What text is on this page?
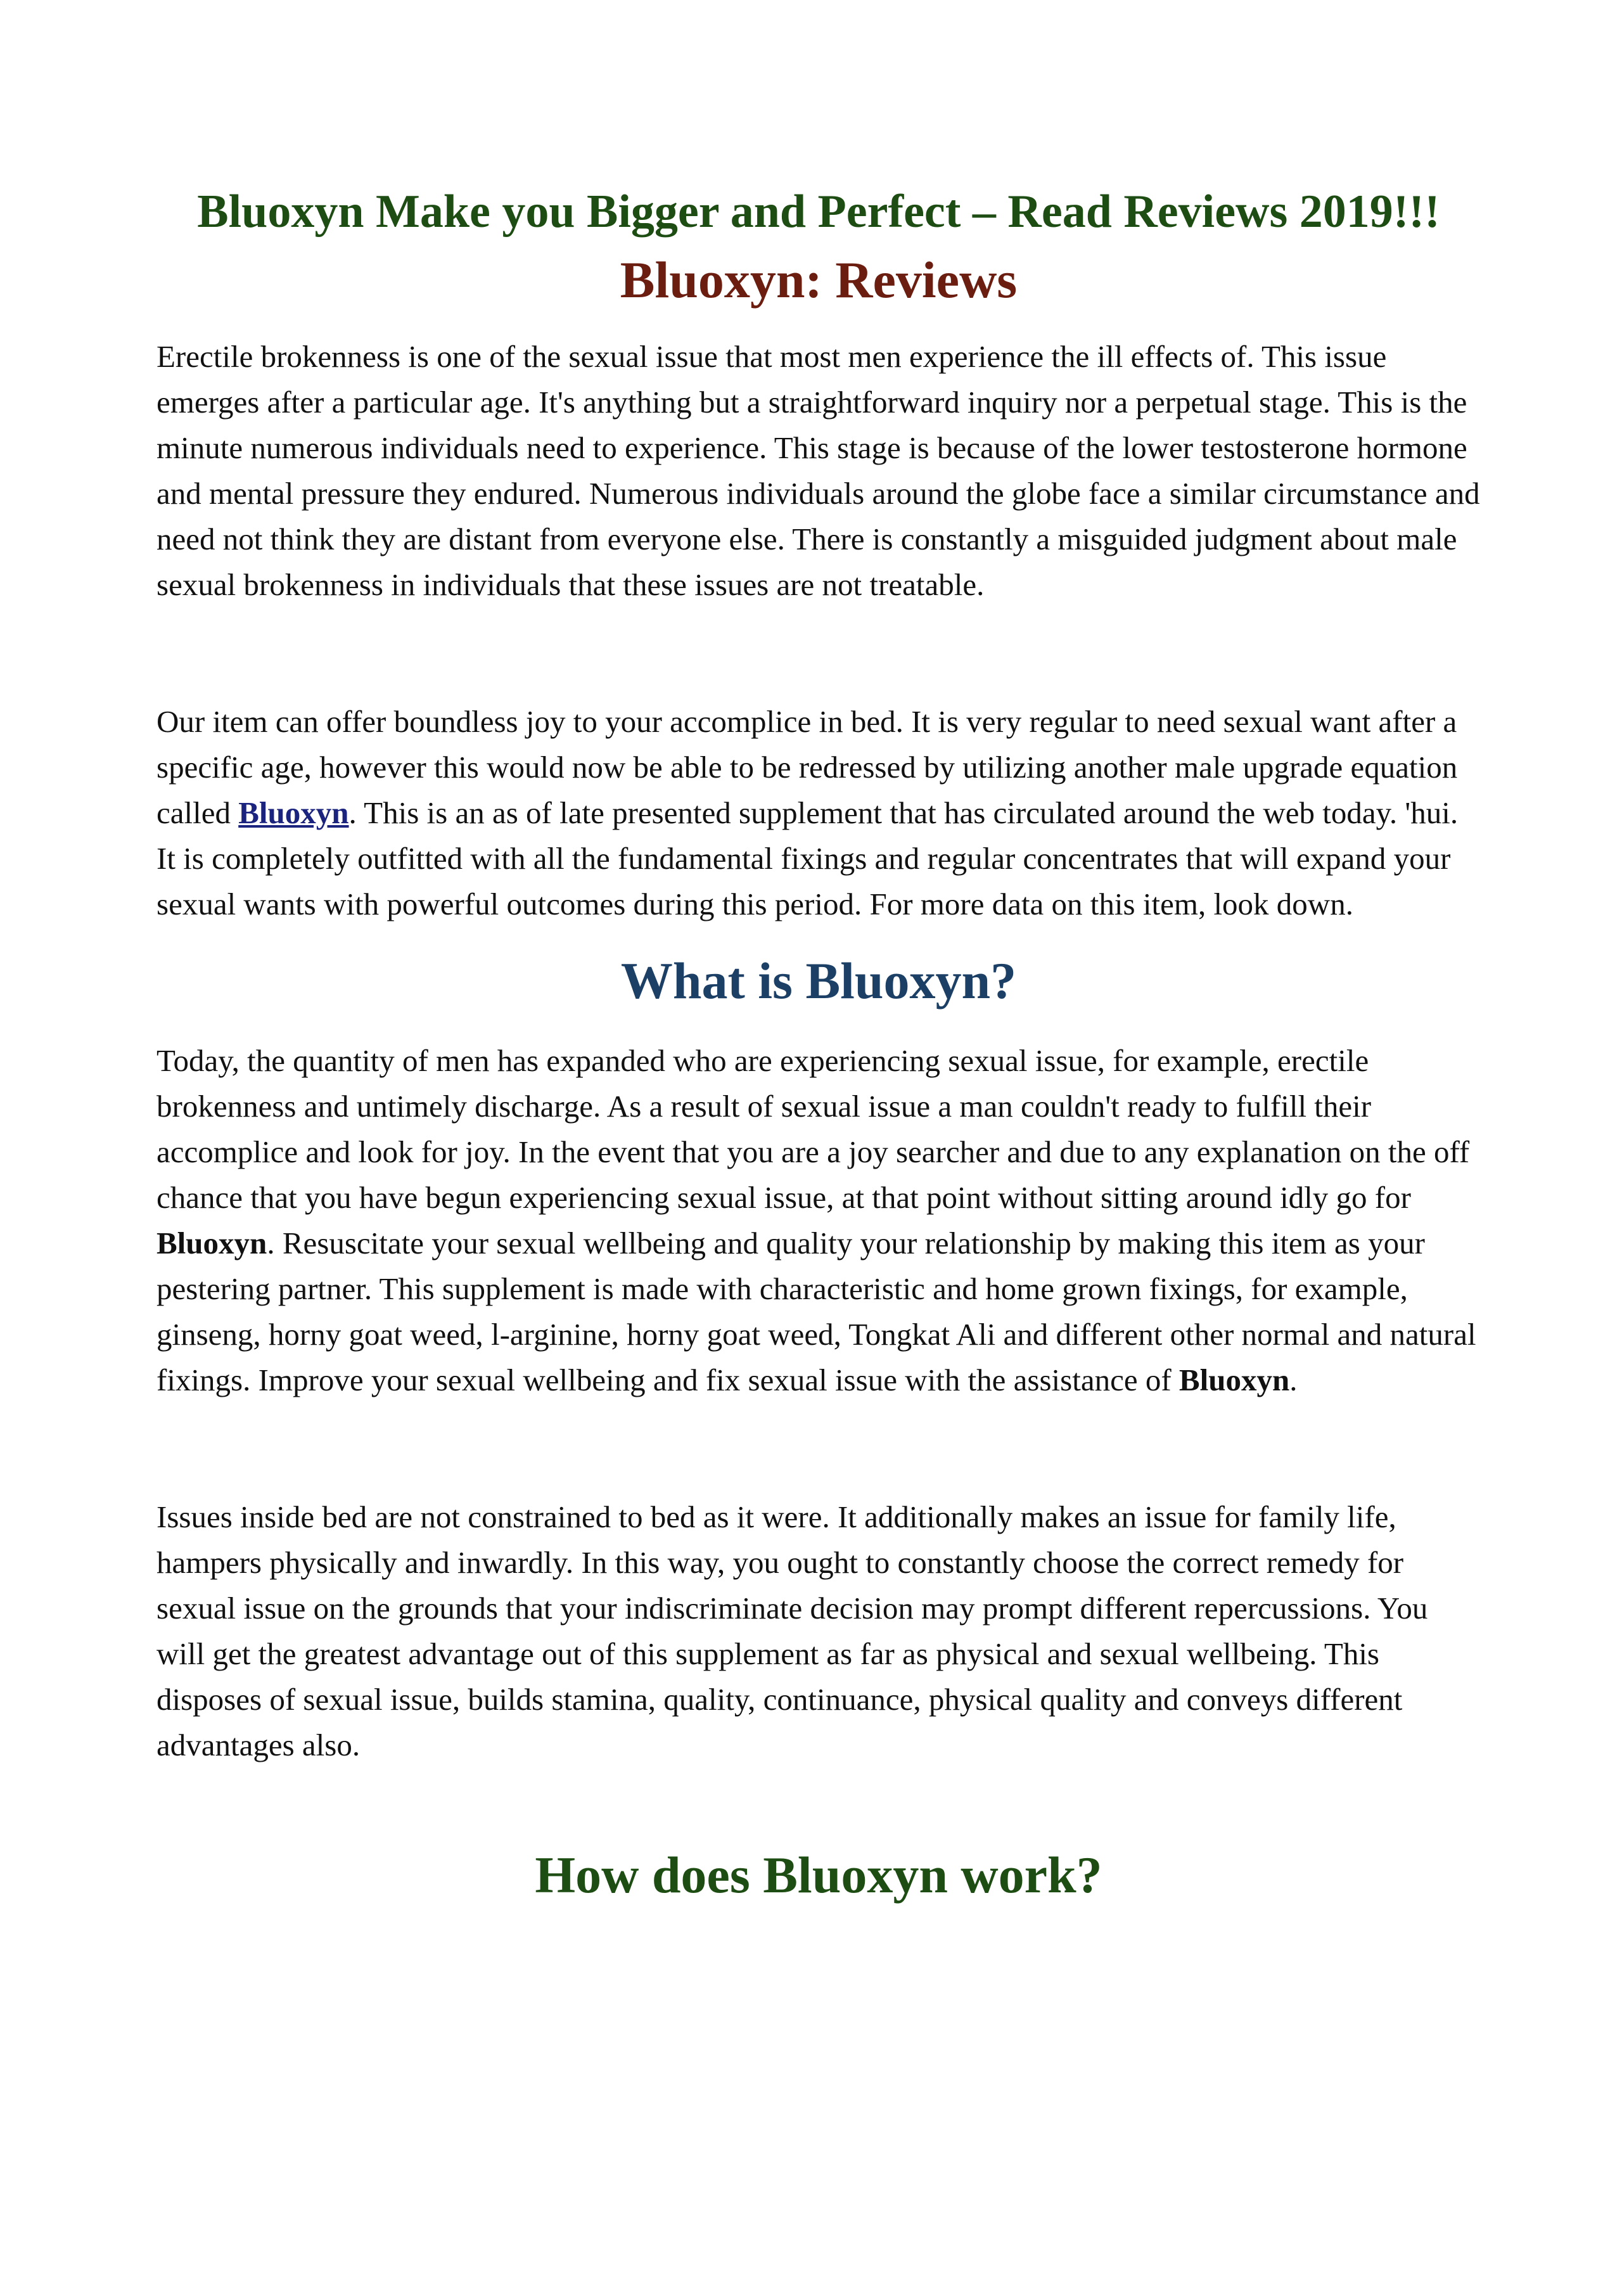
Bluoxyn Make you Bigger and Perfect – Read Reviews 2019!!!
Bluoxyn: Reviews

Erectile brokenness is one of the sexual issue that most men experience the ill effects of. This issue emerges after a particular age. It's anything but a straightforward inquiry nor a perpetual stage. This is the minute numerous individuals need to experience. This stage is because of the lower testosterone hormone and mental pressure they endured. Numerous individuals around the globe face a similar circumstance and need not think they are distant from everyone else. There is constantly a misguided judgment about male sexual brokenness in individuals that these issues are not treatable.

Our item can offer boundless joy to your accomplice in bed. It is very regular to need sexual want after a specific age, however this would now be able to be redressed by utilizing another male upgrade equation called Bluoxyn. This is an as of late presented supplement that has circulated around the web today. 'hui. It is completely outfitted with all the fundamental fixings and regular concentrates that will expand your sexual wants with powerful outcomes during this period. For more data on this item, look down.

What is Bluoxyn?

Today, the quantity of men has expanded who are experiencing sexual issue, for example, erectile brokenness and untimely discharge. As a result of sexual issue a man couldn't ready to fulfill their accomplice and look for joy. In the event that you are a joy searcher and due to any explanation on the off chance that you have begun experiencing sexual issue, at that point without sitting around idly go for Bluoxyn. Resuscitate your sexual wellbeing and quality your relationship by making this item as your pestering partner. This supplement is made with characteristic and home grown fixings, for example, ginseng, horny goat weed, l-arginine, horny goat weed, Tongkat Ali and different other normal and natural fixings. Improve your sexual wellbeing and fix sexual issue with the assistance of Bluoxyn.

Issues inside bed are not constrained to bed as it were. It additionally makes an issue for family life, hampers physically and inwardly. In this way, you ought to constantly choose the correct remedy for sexual issue on the grounds that your indiscriminate decision may prompt different repercussions. You will get the greatest advantage out of this supplement as far as physical and sexual wellbeing. This disposes of sexual issue, builds stamina, quality, continuance, physical quality and conveys different advantages also.

How does Bluoxyn work?
